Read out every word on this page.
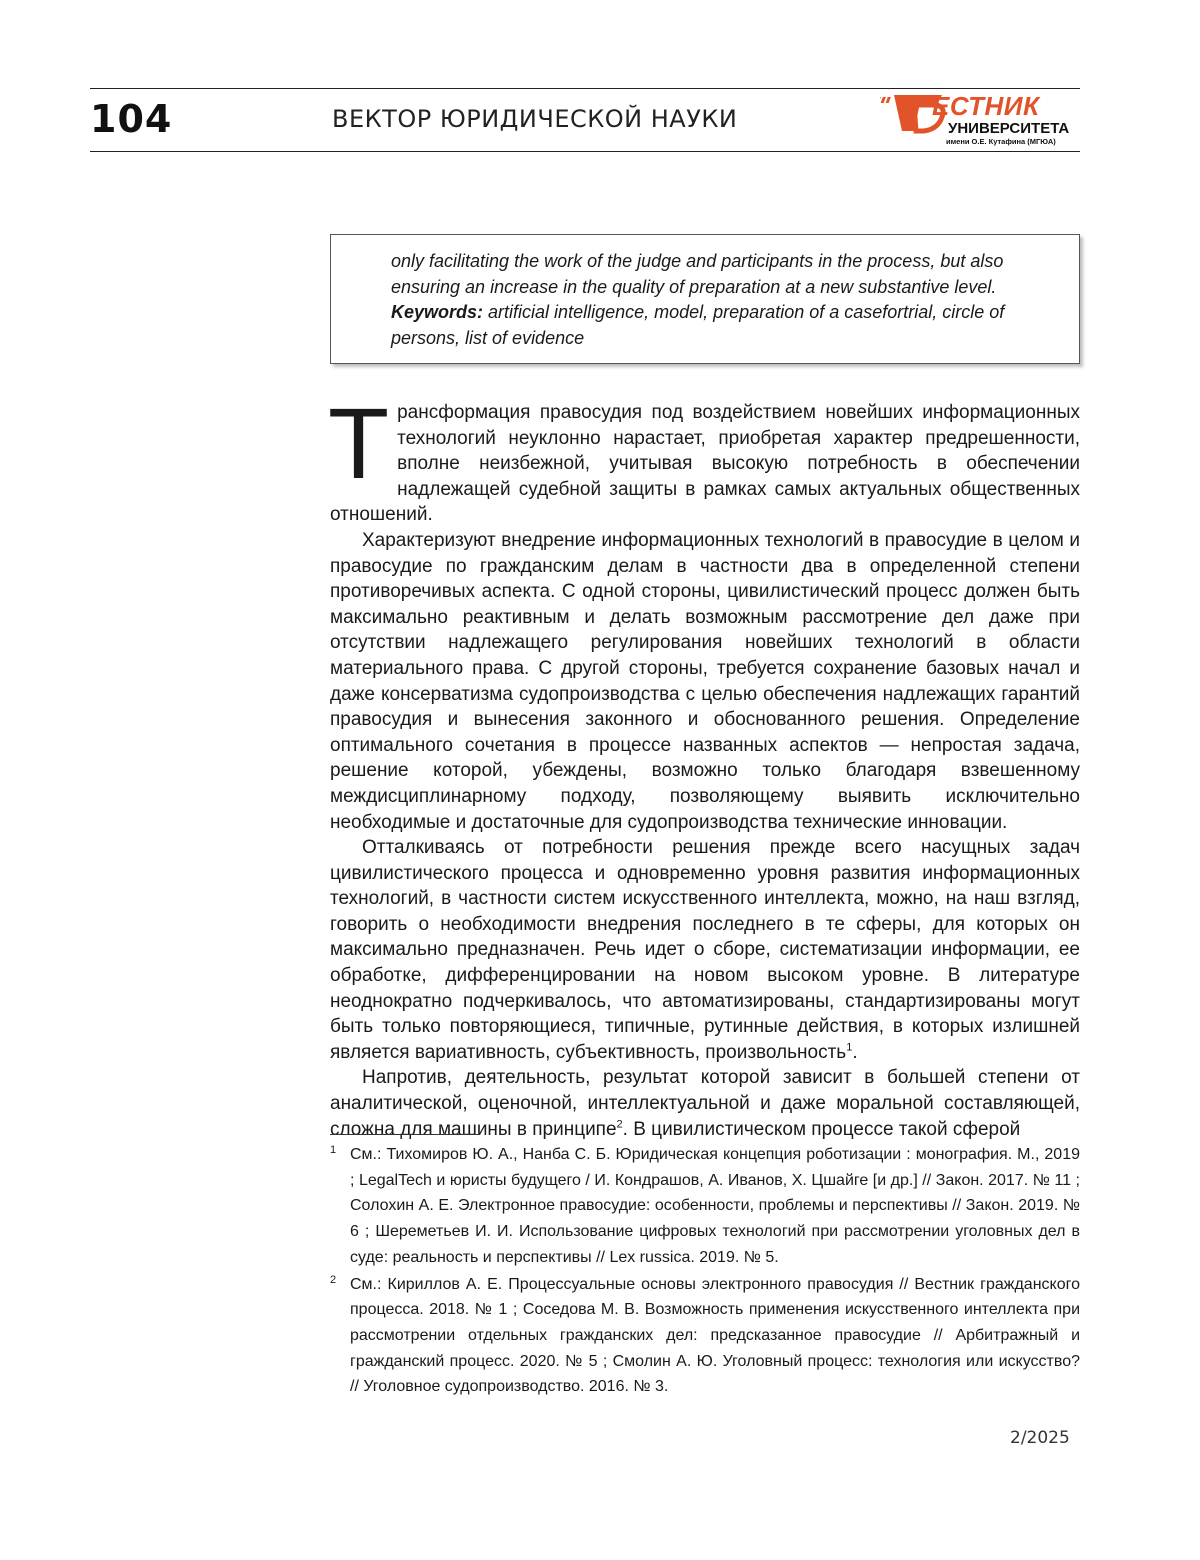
104	ВЕКТОР ЮРИДИЧЕСКОЙ НАУКИ	ЕСТНИК
УНИВЕРСИТЕТА
имени О.Е. Кутафина (МГЮА)
only facilitating the work of the judge and participants in the process, but also ensuring an increase in the quality of preparation at a new substantive level.
Keywords: artificial intelligence, model, preparation of a casefortrial, circle of persons, list of evidence

Т рансформация правосудия под воздействием новейших информационных технологий неуклонно нарастает, приобретая характер предрешенности, вполне неизбежной, учитывая высокую потребность в обеспечении надлежащей судебной защиты в рамках самых актуальных общественных отношений.

Характеризуют внедрение информационных технологий в правосудие в целом и правосудие по гражданским делам в частности два в определенной степени противоречивых аспекта. С одной стороны, цивилистический процесс должен быть максимально реактивным и делать возможным рассмотрение дел даже при отсутствии надлежащего регулирования новейших технологий в области материального права. С другой стороны, требуется сохранение базовых начал и даже консерватизма судопроизводства с целью обеспечения надлежащих гарантий правосудия и вынесения законного и обоснованного решения. Определение оптимального сочетания в процессе названных аспектов — непростая задача, решение которой, убеждены, возможно только благодаря взвешенному междисциплинарному подходу, позволяющему выявить исключительно необходимые и достаточные для судопроизводства технические инновации.

Отталкиваясь от потребности решения прежде всего насущных задач цивилистического процесса и одновременно уровня развития информационных технологий, в частности систем искусственного интеллекта, можно, на наш взгляд, говорить о необходимости внедрения последнего в те сферы, для которых он максимально предназначен. Речь идет о сборе, систематизации информации, ее обработке, дифференцировании на новом высоком уровне. В литературе неоднократно подчеркивалось, что автоматизированы, стандартизированы могут быть только повторяющиеся, типичные, рутинные действия, в которых излишней является вариативность, субъективность, произвольность1.

Напротив, деятельность, результат которой зависит в большей степени от аналитической, оценочной, интеллектуальной и даже моральной составляющей, сложна для машины в принципе2. В цивилистическом процессе такой сферой

1 См.: Тихомиров Ю. А., Нанба С. Б. Юридическая концепция роботизации : монография. М., 2019 ; LegalTech и юристы будущего / И. Кондрашов, А. Иванов, Х. Цшайге [и др.] // Закон. 2017. № 11 ; Солохин А. Е. Электронное правосудие: особенности, проблемы и перспективы // Закон. 2019. № 6 ; Шереметьев И. И. Использование цифровых технологий при рассмотрении уголовных дел в суде: реальность и перспективы // Lex russica. 2019. № 5.
2 См.: Кириллов А. Е. Процессуальные основы электронного правосудия // Вестник гражданского процесса. 2018. № 1 ; Соседова М. В. Возможность применения искусственного интеллекта при рассмотрении отдельных гражданских дел: предсказанное правосудие // Арбитражный и гражданский процесс. 2020. № 5 ; Смолин А. Ю. Уголовный процесс: технология или искусство? // Уголовное судопроизводство. 2016. № 3.
2/2025
